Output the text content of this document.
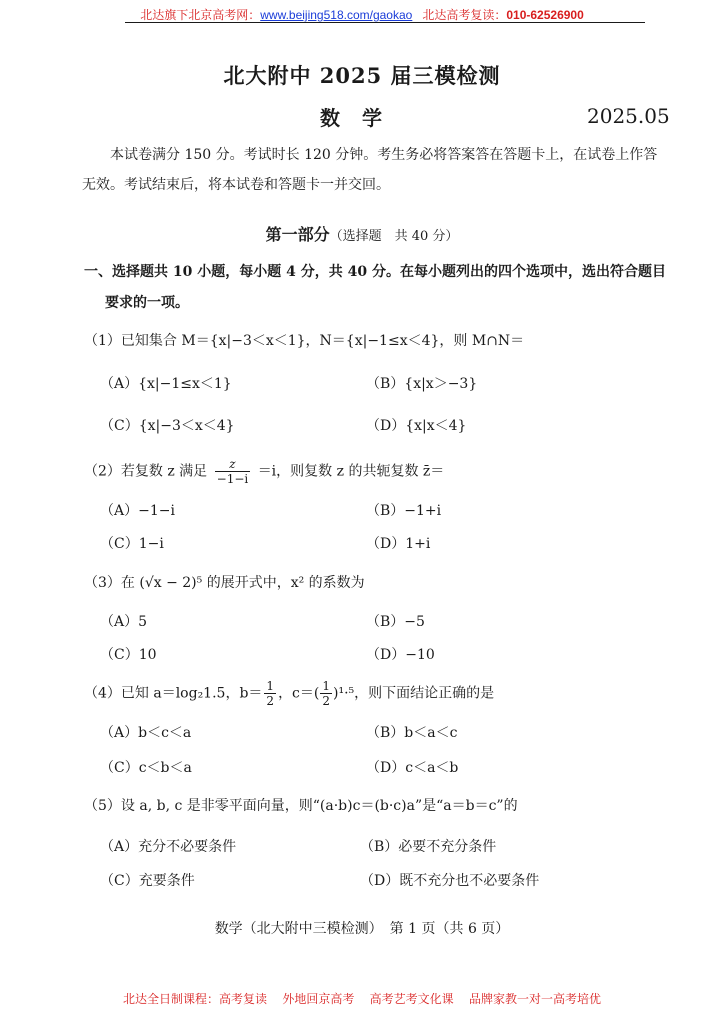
北达旗下北京高考网：www.beijing518.com/gaokao 北达高考复读：010-62526900
北大附中 2025 届三模检测
数学	2025.05
本试卷满分 150 分。考试时长 120 分钟。考生务必将答案答在答题卡上，在试卷上作答无效。考试结束后，将本试卷和答题卡一并交回。
第一部分（选择题　共 40 分）
一、选择题共 10 小题，每小题 4 分，共 40 分。在每小题列出的四个选项中，选出符合题目
要求的一项。
（1）已知集合 M＝{x|−3＜x＜1}，N＝{x|−1≤x＜4}，则 M∩N＝
（A）{x|−1≤x＜1}	（B）{x|x＞−3}
（C）{x|−3＜x＜4}	（D）{x|x＜4}
（2）若复数 z 满足 $\frac{z}{-1-i} =i$，则复数 z 的共轭复数 z̄＝
（A）−1−i	（B）−1+i
（C）1−i	（D）1+i
（3）在 (√x − 2)⁵ 的展开式中，x² 的系数为
（A）5	（B）−5
（C）10	（D）−10
（4）已知 a＝log₂1.5，$b= \frac{1}{2}$ ，$c=( \frac{1}{2} )^1\cdot^5$，则下面结论正确的是
（A）b＜c＜a	（B）b＜a＜c
（C）c＜b＜a	（D）c＜a＜b
（5）设 a, b, c 是非零平面向量，则“(a·b)c＝(b·c)a”是“a＝b＝c”的
（A）充分不必要条件	（B）必要不充分条件
（C）充要条件	（D）既不充分也不必要条件
数学（北大附中三模检测）　第 1 页（共 6 页）
北达全日制课程：高考复读 外地回京高考 高考艺考文化课 品牌家教一对一高考培优
